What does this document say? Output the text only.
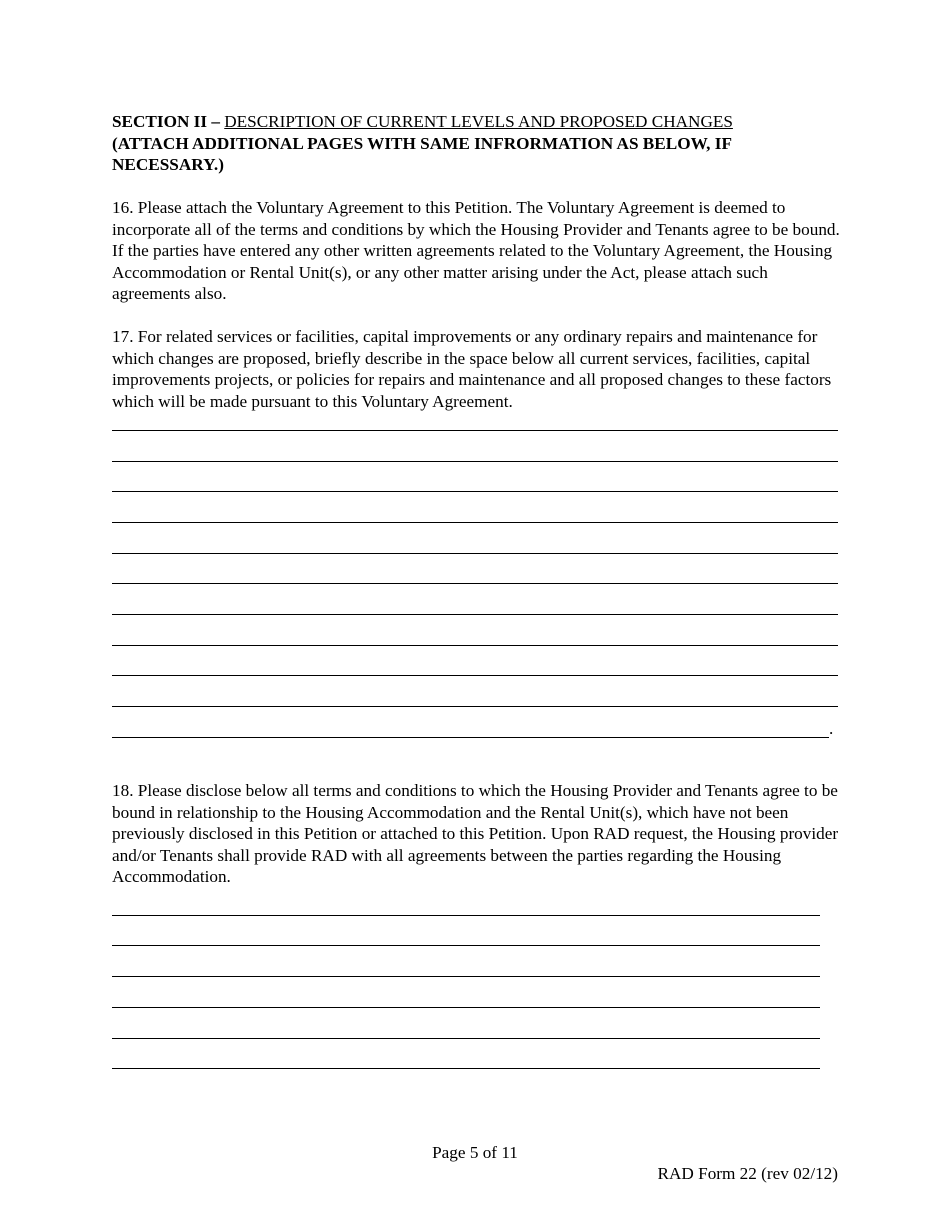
SECTION II – DESCRIPTION OF CURRENT LEVELS AND PROPOSED CHANGES
(ATTACH ADDITIONAL PAGES WITH SAME INFRORMATION AS BELOW, IF NECESSARY.)

16. Please attach the Voluntary Agreement to this Petition. The Voluntary Agreement is deemed to incorporate all of the terms and conditions by which the Housing Provider and Tenants agree to be bound. If the parties have entered any other written agreements related to the Voluntary Agreement, the Housing Accommodation or Rental Unit(s), or any other matter arising under the Act, please attach such agreements also.

17. For related services or facilities, capital improvements or any ordinary repairs and maintenance for which changes are proposed, briefly describe in the space below all current services, facilities, capital improvements projects, or policies for repairs and maintenance and all proposed changes to these factors which will be made pursuant to this Voluntary Agreement.

.

18. Please disclose below all terms and conditions to which the Housing Provider and Tenants agree to be bound in relationship to the Housing Accommodation and the Rental Unit(s), which have not been previously disclosed in this Petition or attached to this Petition. Upon RAD request, the Housing provider and/or Tenants shall provide RAD with all agreements between the parties regarding the Housing Accommodation.

Page 5 of 11
RAD Form 22 (rev 02/12)
